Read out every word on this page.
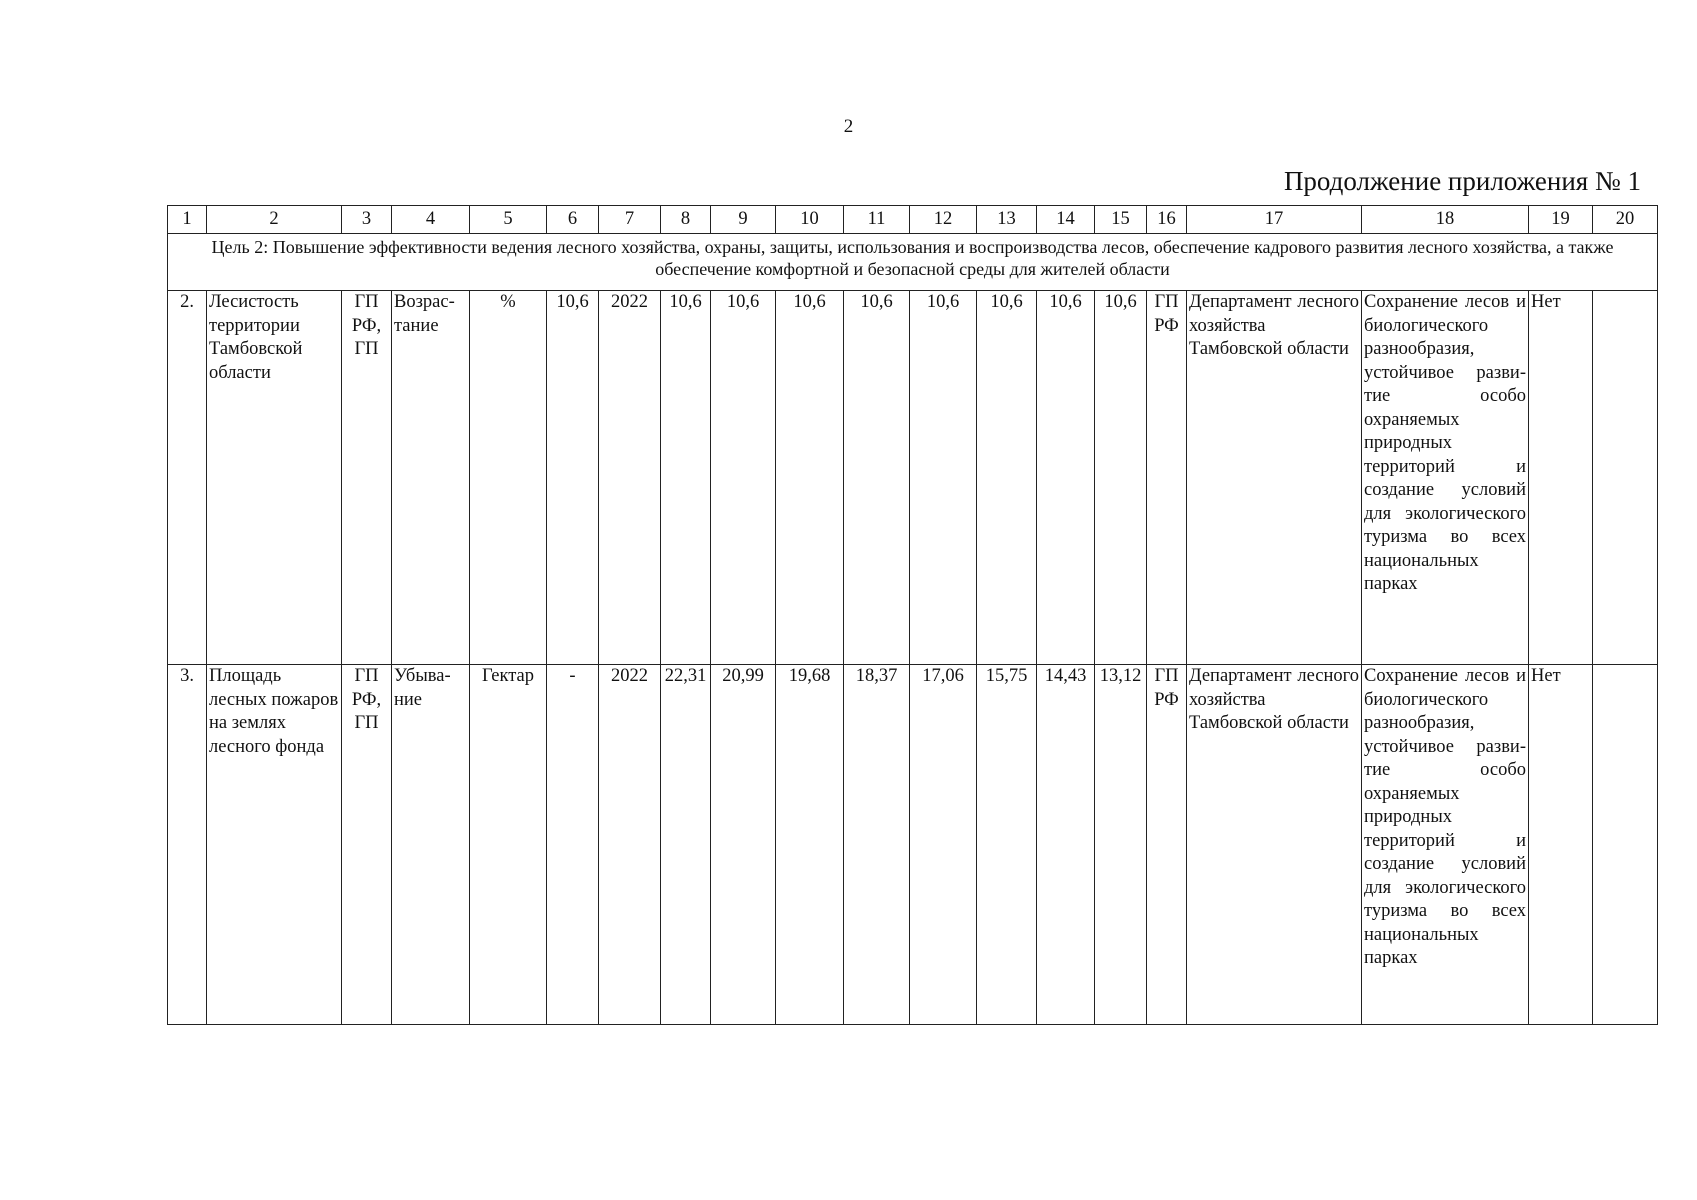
2
Продолжение приложения № 1
1	2	3	4	5	6	7	8	9	10	11	12	13	14	15	16	17	18	19	20
Цель 2: Повышение эффективности ведения лесного хозяйства, охраны, защиты, использования и воспроизводства лесов, обеспечение кадрового развития лесного хозяйства, а также обеспечение комфортной и безопасной среды для жителей области																			
2.	Лесистость территории Тамбовской области	ГП РФ, ГП	Возрас- тание	%	10,6	2022	10,6	10,6	10,6	10,6	10,6	10,6	10,6	10,6	ГП РФ	Департамент лесного хозяйства Тамбовской области	Сохранение лесов и биологического разнообразия, устойчивое разви- тие особо охраняемых природных территорий и создание условий для экологического туризма во всех национальных парках	Нет	
3.	Площадь лесных пожаров на землях лесного фонда	ГП РФ, ГП	Убыва- ние	Гектар	-	2022	22,31	20,99	19,68	18,37	17,06	15,75	14,43	13,12	ГП РФ	Департамент лесного хозяйства Тамбовской области	Сохранение лесов и биологического разнообразия, устойчивое разви- тие особо охраняемых природных территорий и создание условий для экологического туризма во всех национальных парках	Нет	
